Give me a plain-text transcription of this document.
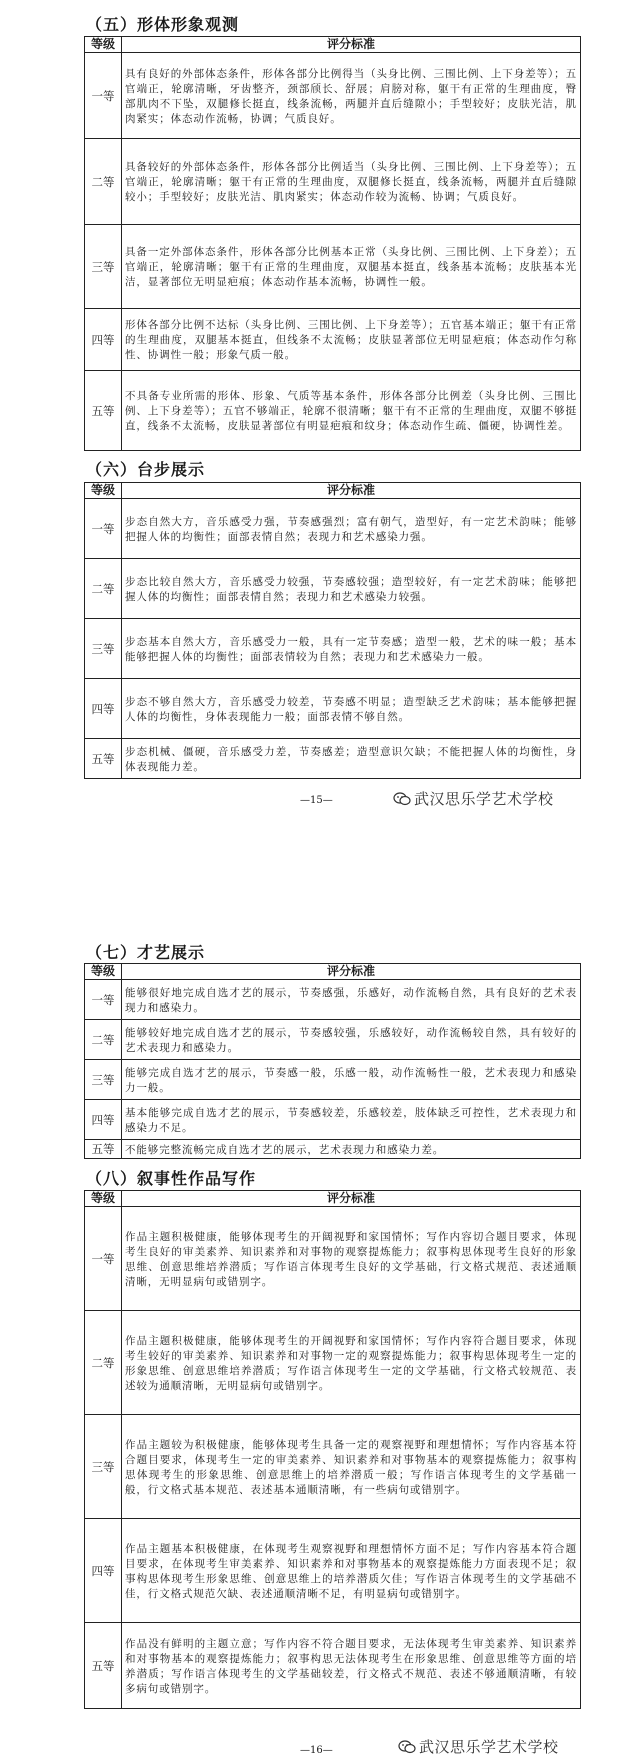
（五）形体形象观测
等级	评分标准
一等	具有良好的外部体态条件，形体各部分比例得当（头身比例、三围比例、上下身差等）；五官端正，轮廓清晰，牙齿整齐，颈部颀长、舒展；肩膀对称，躯干有正常的生理曲度，臀部肌肉不下坠，双腿修长挺直，线条流畅，两腿并直后缝隙小；手型较好；皮肤光洁，肌肉紧实；体态动作流畅，协调；气质良好。
二等	具备较好的外部体态条件，形体各部分比例适当（头身比例、三围比例、上下身差等）；五官端正，轮廓清晰；躯干有正常的生理曲度，双腿修长挺直，线条流畅，两腿并直后缝隙较小；手型较好；皮肤光洁、肌肉紧实；体态动作较为流畅、协调；气质良好。
三等	具备一定外部体态条件，形体各部分比例基本正常（头身比例、三围比例、上下身差）；五官端正，轮廓清晰；躯干有正常的生理曲度，双腿基本挺直，线条基本流畅；皮肤基本光洁，显著部位无明显疤痕；体态动作基本流畅，协调性一般。
四等	形体各部分比例不达标（头身比例、三围比例、上下身差等）；五官基本端正；躯干有正常的生理曲度，双腿基本挺直，但线条不太流畅；皮肤显著部位无明显疤痕；体态动作匀称性、协调性一般；形象气质一般。
五等	不具备专业所需的形体、形象、气质等基本条件，形体各部分比例差（头身比例、三围比例、上下身差等）；五官不够端正，轮廓不很清晰；躯干有不正常的生理曲度，双腿不够挺直，线条不太流畅，皮肤显著部位有明显疤痕和纹身；体态动作生疏、僵硬，协调性差。
（六）台步展示
等级	评分标准
一等	步态自然大方，音乐感受力强，节奏感强烈；富有朝气，造型好，有一定艺术韵味；能够把握人体的均衡性；面部表情自然；表现力和艺术感染力强。
二等	步态比较自然大方，音乐感受力较强，节奏感较强；造型较好，有一定艺术韵味；能够把握人体的均衡性；面部表情自然；表现力和艺术感染力较强。
三等	步态基本自然大方，音乐感受力一般，具有一定节奏感；造型一般，艺术的味一般；基本能够把握人体的均衡性；面部表情较为自然；表现力和艺术感染力一般。
四等	步态不够自然大方，音乐感受力较差，节奏感不明显；造型缺乏艺术韵味；基本能够把握人体的均衡性，身体表现能力一般；面部表情不够自然。
五等	步态机械、僵硬，音乐感受力差，节奏感差；造型意识欠缺；不能把握人体的均衡性，身体表现能力差。
—15—	武汉思乐学艺术学校
（七）才艺展示
等级	评分标准
一等	能够很好地完成自选才艺的展示，节奏感强，乐感好，动作流畅自然，具有良好的艺术表现力和感染力。
二等	能够较好地完成自选才艺的展示，节奏感较强，乐感较好，动作流畅较自然，具有较好的艺术表现力和感染力。
三等	能够完成自选才艺的展示，节奏感一般，乐感一般，动作流畅性一般，艺术表现力和感染力一般。
四等	基本能够完成自选才艺的展示，节奏感较差，乐感较差，肢体缺乏可控性，艺术表现力和感染力不足。
五等	不能够完整流畅完成自选才艺的展示，艺术表现力和感染力差。
（八）叙事性作品写作
等级	评分标准
一等	作品主题积极健康，能够体现考生的开阔视野和家国情怀；写作内容切合题目要求，体现考生良好的审美素养、知识素养和对事物的观察提炼能力；叙事构思体现考生良好的形象思维、创意思维培养潜质；写作语言体现考生良好的文学基础，行文格式规范、表述通顺清晰，无明显病句或错别字。
二等	作品主题积极健康，能够体现考生的开阔视野和家国情怀；写作内容符合题目要求，体现考生较好的审美素养、知识素养和对事物一定的观察提炼能力；叙事构思体现考生一定的形象思维、创意思维培养潜质；写作语言体现考生一定的文学基础，行文格式较规范、表述较为通顺清晰，无明显病句或错别字。
三等	作品主题较为积极健康，能够体现考生具备一定的观察视野和理想情怀；写作内容基本符合题目要求，体现考生一定的审美素养、知识素养和对事物基本的观察提炼能力；叙事构思体现考生的形象思维、创意思维上的培养潜质一般；写作语言体现考生的文学基础一般，行文格式基本规范、表述基本通顺清晰，有一些病句或错别字。
四等	作品主题基本积极健康，在体现考生观察视野和理想情怀方面不足；写作内容基本符合题目要求，在体现考生审美素养、知识素养和对事物基本的观察提炼能力方面表现不足；叙事构思体现考生形象思维、创意思维上的培养潜质欠佳；写作语言体现考生的文学基础不佳，行文格式规范欠缺、表述通顺清晰不足，有明显病句或错别字。
五等	作品没有鲜明的主题立意；写作内容不符合题目要求，无法体现考生审美素养、知识素养和对事物基本的观察提炼能力；叙事构思无法体现考生在形象思维、创意思维等方面的培养潜质；写作语言体现考生的文学基础较差，行文格式不规范、表述不够通顺清晰，有较多病句或错别字。
—16—	武汉思乐学艺术学校
